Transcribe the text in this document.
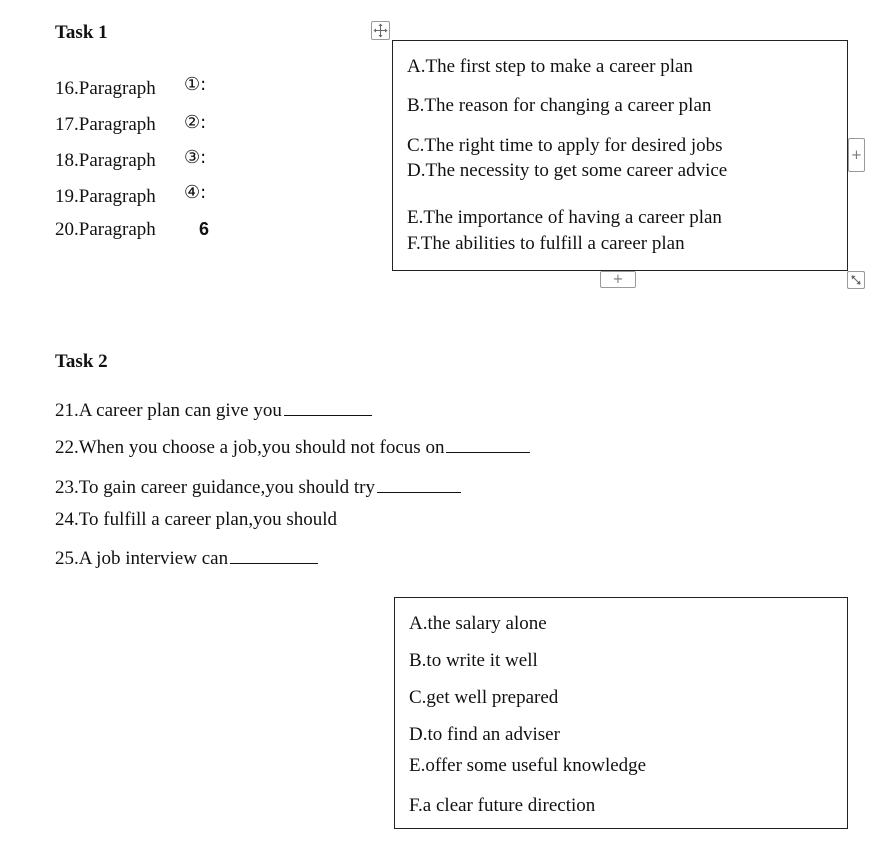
Task 1
16.Paragraph ①:
17.Paragraph ②:
18.Paragraph ③:
19.Paragraph ④:
20.Paragraph 6
A.The first step to make a career plan
B.The reason for changing a career plan
C.The right time to apply for desired jobs
D.The necessity to get some career advice
E.The importance of having a career plan
F.The abilities to fulfill a career plan
+
+
Task 2
21.A career plan can give you
22.When you choose a job,you should not focus on
23.To gain career guidance,you should try
24.To fulfill a career plan,you should
25.A job interview can
A.the salary alone
B.to write it well
C.get well prepared
D.to find an adviser
E.offer some useful knowledge
F.a clear future direction
